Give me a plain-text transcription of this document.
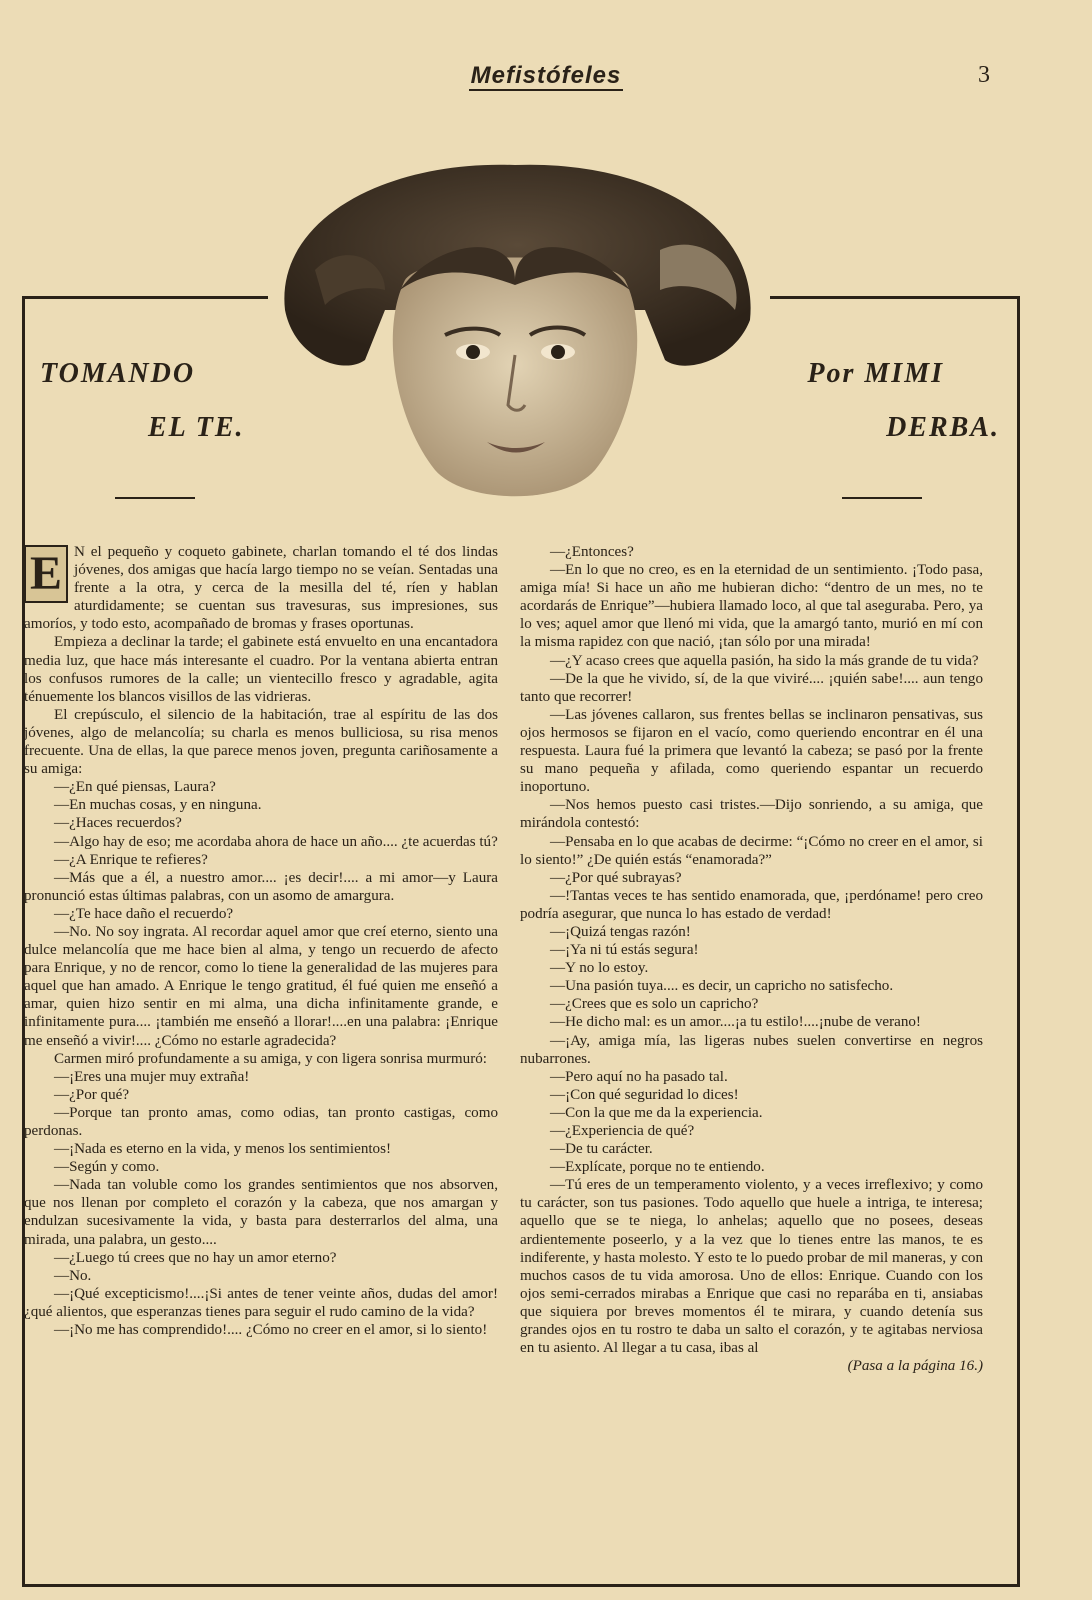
Mefistófeles	3
TOMANDO
EL TE.
Por MIMI
DERBA.

E N el pequeño y coqueto gabinete, charlan tomando el té dos lindas jóvenes, dos amigas que hacía largo tiempo no se veían. Sentadas una frente a la otra, y cerca de la mesilla del té, ríen y hablan aturdidamente; se cuentan sus travesuras, sus impresiones, sus amoríos, y todo esto, acompañado de bromas y frases oportunas.

Empieza a declinar la tarde; el gabinete está envuelto en una encantadora media luz, que hace más interesante el cuadro. Por la ventana abierta entran los confusos rumores de la calle; un vientecillo fresco y agradable, agita ténuemente los blancos visillos de las vidrieras.

El crepúsculo, el silencio de la habitación, trae al espíritu de las dos jóvenes, algo de melancolía; su charla es menos bulliciosa, su risa menos frecuente. Una de ellas, la que parece menos joven, pregunta cariñosamente a su amiga:

—¿En qué piensas, Laura?

—En muchas cosas, y en ninguna.

—¿Haces recuerdos?

—Algo hay de eso; me acordaba ahora de hace un año.... ¿te acuerdas tú?

—¿A Enrique te refieres?

—Más que a él, a nuestro amor.... ¡es decir!.... a mi amor—y Laura pronunció estas últimas palabras, con un asomo de amargura.

—¿Te hace daño el recuerdo?

—No. No soy ingrata. Al recordar aquel amor que creí eterno, siento una dulce melancolía que me hace bien al alma, y tengo un recuerdo de afecto para Enrique, y no de rencor, como lo tiene la generalidad de las mujeres para aquel que han amado. A Enrique le tengo gratitud, él fué quien me enseñó a amar, quien hizo sentir en mi alma, una dicha infinitamente grande, e infinitamente pura.... ¡también me enseñó a llorar!....en una palabra: ¡Enrique me enseñó a vivir!.... ¿Cómo no estarle agradecida?

Carmen miró profundamente a su amiga, y con ligera sonrisa murmuró:

—¡Eres una mujer muy extraña!

—¿Por qué?

—Porque tan pronto amas, como odias, tan pronto castigas, como perdonas.

—¡Nada es eterno en la vida, y menos los sentimientos!

—Según y como.

—Nada tan voluble como los grandes sentimientos que nos absorven, que nos llenan por completo el corazón y la cabeza, que nos amargan y endulzan sucesivamente la vida, y basta para desterrarlos del alma, una mirada, una palabra, un gesto....

—¿Luego tú crees que no hay un amor eterno?

—No.

—¡Qué excepticismo!....¡Si antes de tener veinte años, dudas del amor! ¿qué alientos, que esperanzas tienes para seguir el rudo camino de la vida?

—¡No me has comprendido!.... ¿Cómo no creer en el amor, si lo siento!

—¿Entonces?

—En lo que no creo, es en la eternidad de un sentimiento. ¡Todo pasa, amiga mía! Si hace un año me hubieran dicho: “dentro de un mes, no te acordarás de Enrique”—hubiera llamado loco, al que tal aseguraba. Pero, ya lo ves; aquel amor que llenó mi vida, que la amargó tanto, murió en mí con la misma rapidez con que nació, ¡tan sólo por una mirada!

—¿Y acaso crees que aquella pasión, ha sido la más grande de tu vida?

—De la que he vivido, sí, de la que viviré.... ¡quién sabe!.... aun tengo tanto que recorrer!

—Las jóvenes callaron, sus frentes bellas se inclinaron pensativas, sus ojos hermosos se fijaron en el vacío, como queriendo encontrar en él una respuesta. Laura fué la primera que levantó la cabeza; se pasó por la frente su mano pequeña y afilada, como queriendo espantar un recuerdo inoportuno.

—Nos hemos puesto casi tristes.—Dijo sonriendo, a su amiga, que mirándola contestó:

—Pensaba en lo que acabas de decirme: “¡Cómo no creer en el amor, si lo siento!” ¿De quién estás “enamorada?”

—¿Por qué subrayas?

—!Tantas veces te has sentido enamorada, que, ¡perdóname! pero creo podría asegurar, que nunca lo has estado de verdad!

—¡Quizá tengas razón!

—¡Ya ni tú estás segura!

—Y no lo estoy.

—Una pasión tuya.... es decir, un capricho no satisfecho.

—¿Crees que es solo un capricho?

—He dicho mal: es un amor....¡a tu estilo!....¡nube de verano!

—¡Ay, amiga mía, las ligeras nubes suelen convertirse en negros nubarrones.

—Pero aquí no ha pasado tal.

—¡Con qué seguridad lo dices!

—Con la que me da la experiencia.

—¿Experiencia de qué?

—De tu carácter.

—Explícate, porque no te entiendo.

—Tú eres de un temperamento violento, y a veces irreflexivo; y como tu carácter, son tus pasiones. Todo aquello que huele a intriga, te interesa; aquello que se te niega, lo anhelas; aquello que no posees, deseas ardientemente poseerlo, y a la vez que lo tienes entre las manos, te es indiferente, y hasta molesto. Y esto te lo puedo probar de mil maneras, y con muchos casos de tu vida amorosa. Uno de ellos: Enrique. Cuando con los ojos semi-cerrados mirabas a Enrique que casi no reparába en ti, ansiabas que siquiera por breves momentos él te mirara, y cuando detenía sus grandes ojos en tu rostro te daba un salto el corazón, y te agitabas nerviosa en tu asiento. Al llegar a tu casa, ibas al

(Pasa a la página 16.)
